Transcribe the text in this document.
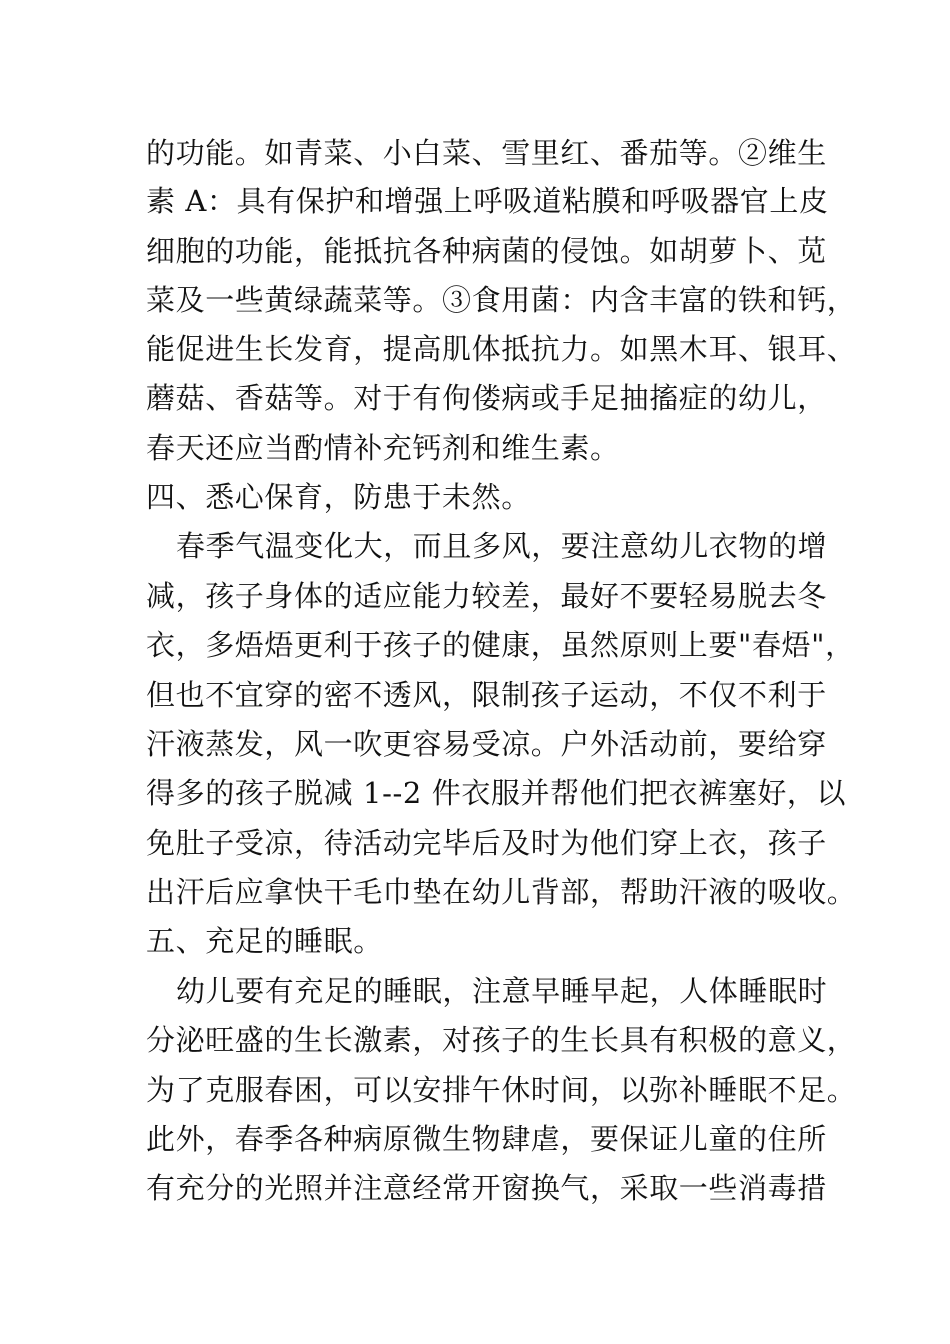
的功能。如青菜、小白菜、雪里红、番茄等。②维生
素 A：具有保护和增强上呼吸道粘膜和呼吸器官上皮
细胞的功能，能抵抗各种病菌的侵蚀。如胡萝卜、苋
菜及一些黄绿蔬菜等。③食用菌：内含丰富的铁和钙，
能促进生长发育，提高肌体抵抗力。如黑木耳、银耳、
蘑菇、香菇等。对于有佝偻病或手足抽搐症的幼儿，
春天还应当酌情补充钙剂和维生素。
四、悉心保育，防患于未然。
春季气温变化大，而且多风，要注意幼儿衣物的增
减，孩子身体的适应能力较差，最好不要轻易脱去冬
衣，多焐焐更利于孩子的健康，虽然原则上要"春焐"，
但也不宜穿的密不透风，限制孩子运动，不仅不利于
汗液蒸发，风一吹更容易受凉。户外活动前，要给穿
得多的孩子脱减 1--2 件衣服并帮他们把衣裤塞好，以
免肚子受凉，待活动完毕后及时为他们穿上衣，孩子
出汗后应拿快干毛巾垫在幼儿背部，帮助汗液的吸收。
五、充足的睡眠。
幼儿要有充足的睡眠，注意早睡早起，人体睡眠时
分泌旺盛的生长激素，对孩子的生长具有积极的意义，
为了克服春困，可以安排午休时间，以弥补睡眠不足。
此外，春季各种病原微生物肆虐，要保证儿童的住所
有充分的光照并注意经常开窗换气，采取一些消毒措
